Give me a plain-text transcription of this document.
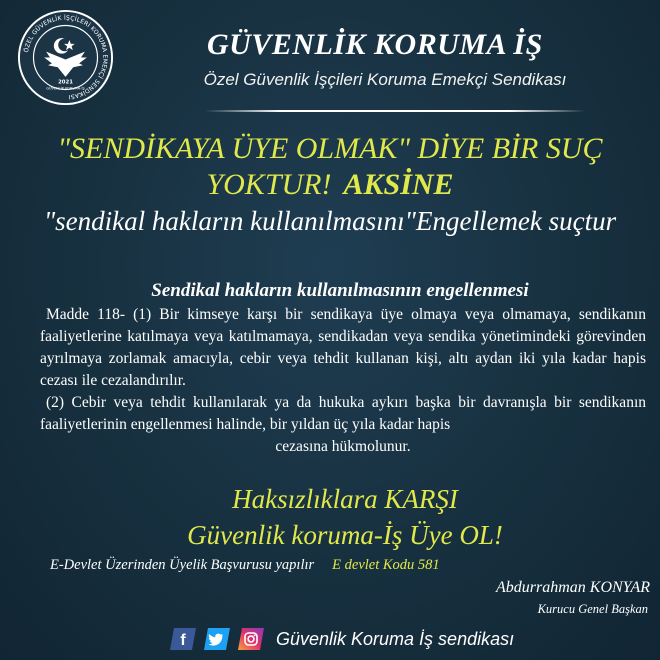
ÖZEL GÜVENLİK İŞÇİLERİ KORUMA EMEKÇİ SENDİKASI
2021
GÜVENLİK KORUMA-İŞ
GÜVENLİK KORUMA İŞ
Özel Güvenlik İşçileri Koruma Emekçi Sendikası
"SENDİKAYA ÜYE OLMAK" DİYE BİR SUÇ
YOKTUR! AKSİNE
"sendikal hakların kullanılmasını"Engellemek suçtur
Sendikal hakların kullanılmasının engellenmesi

Madde 118- (1) Bir kimseye karşı bir sendikaya üye olmaya veya olmamaya, sendikanın faaliyetlerine katılmaya veya katılmamaya, sendikadan veya sendika yönetimindeki görevinden ayrılmaya zorlamak amacıyla, cebir veya tehdit kullanan kişi, altı aydan iki yıla kadar hapis cezası ile cezalandırılır.

(2) Cebir veya tehdit kullanılarak ya da hukuka aykırı başka bir davranışla bir sendikanın faaliyetlerinin engellenmesi halinde, bir yıldan üç yıla kadar hapis

cezasına hükmolunur.

Haksızlıklara KARŞI
Güvenlik koruma-İş Üye OL!
E-Devlet Üzerinden Üyelik Başvurusu yapılır E devlet Kodu 581
Abdurrahman KONYAR
Kurucu Genel Başkan
f	Güvenlik Koruma İş sendikası
